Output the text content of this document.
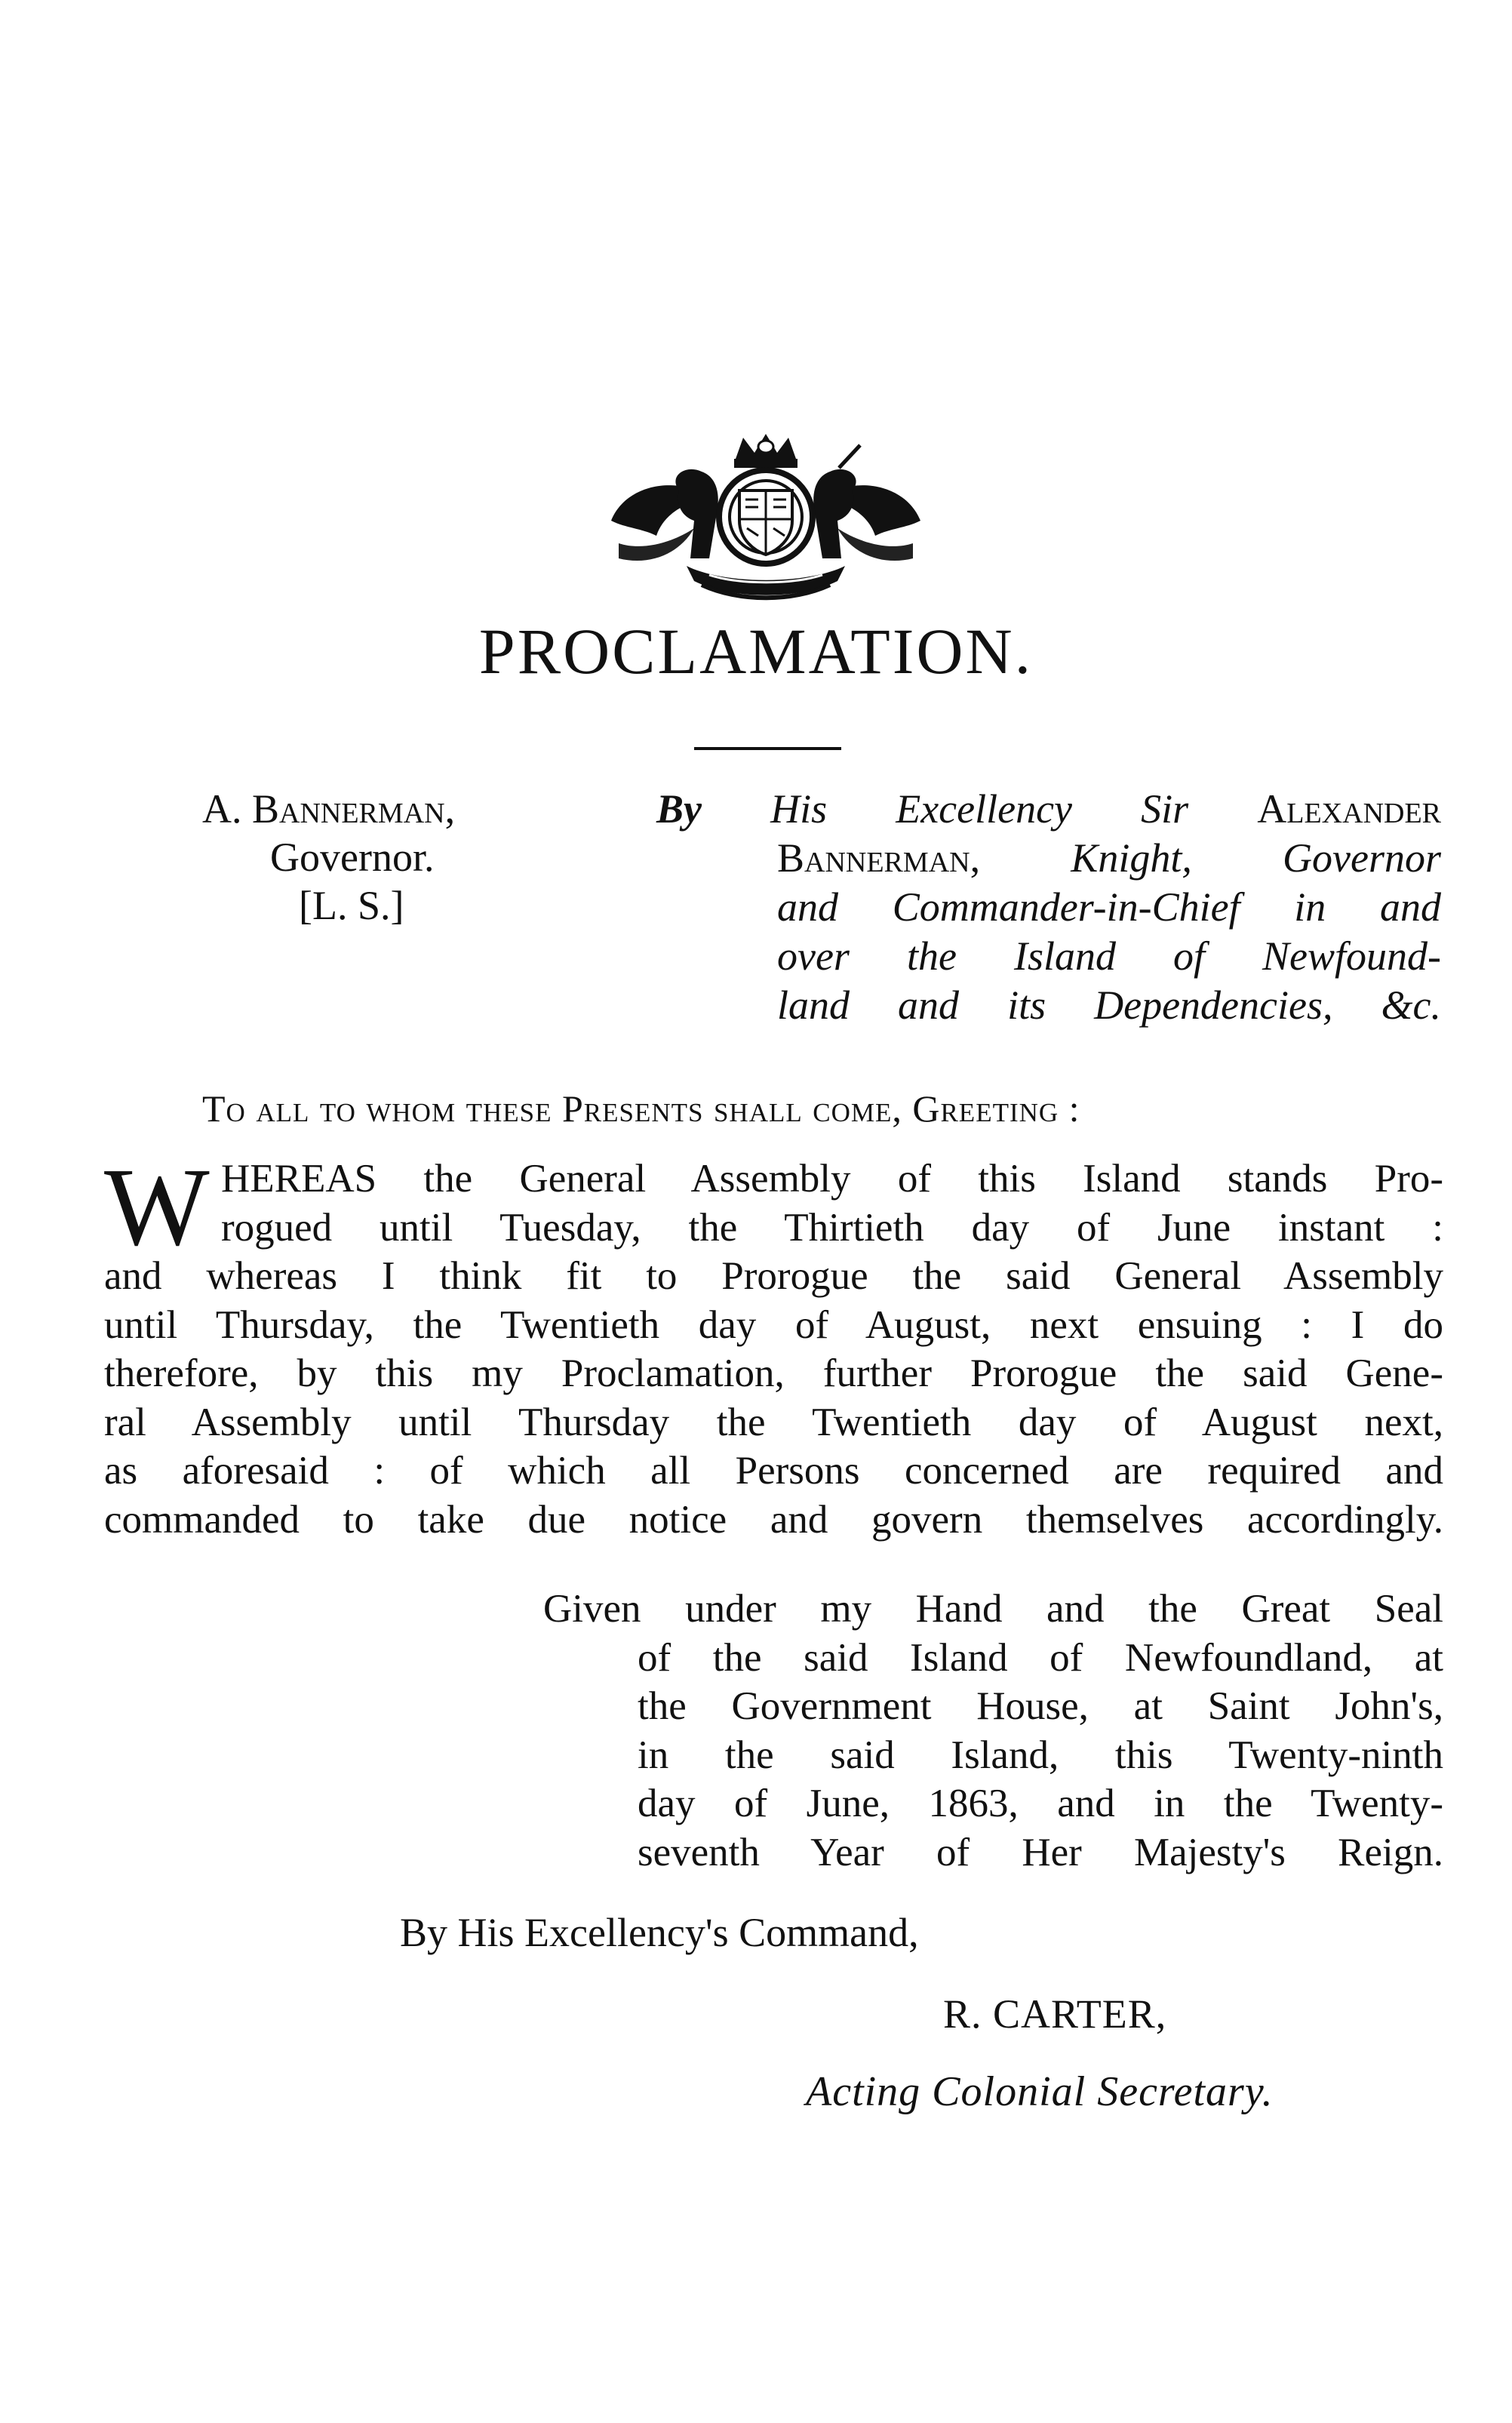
PROCLAMATION.
A. Bannerman,
Governor.
[L. S.]
By His Excellency Sir Alexander
Bannerman, Knight, Governor
and Commander-in-Chief in and
over the Island of Newfound-
land and its Dependencies, &c.
To all to whom these Presents shall come, Greeting :
W HEREAS the General Assembly of this Island stands Pro-
rogued until Tuesday, the Thirtieth day of June instant :
and whereas I think fit to Prorogue the said General Assembly
until Thursday, the Twentieth day of August, next ensuing : I do
therefore, by this my Proclamation, further Prorogue the said Gene-
ral Assembly until Thursday the Twentieth day of August next,
as aforesaid : of which all Persons concerned are required and
commanded to take due notice and govern themselves accordingly.
Given under my Hand and the Great Seal
of the said Island of Newfoundland, at
the Government House, at Saint John's,
in the said Island, this Twenty-ninth
day of June, 1863, and in the Twenty-
seventh Year of Her Majesty's Reign.
By His Excellency's Command,
R. CARTER,
Acting Colonial Secretary.
